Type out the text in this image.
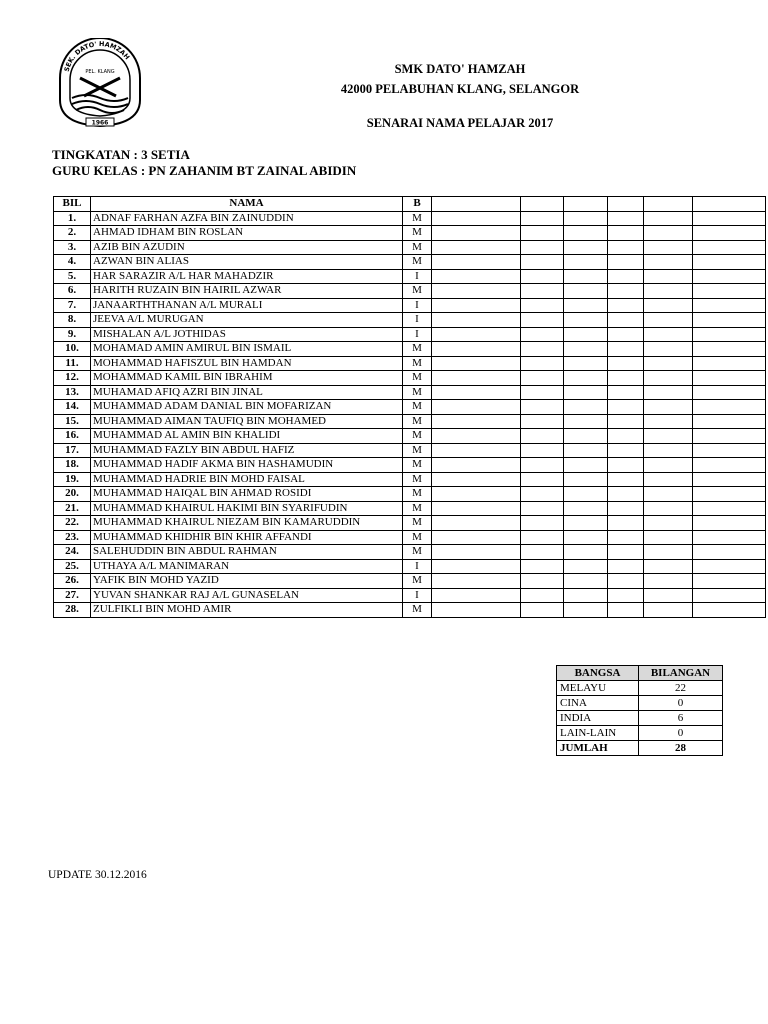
SEK. DATO' HAMZAH
PEL. KLANG
1966
SMK DATO' HAMZAH
42000 PELABUHAN KLANG, SELANGOR
SENARAI NAMA PELAJAR 2017
TINGKATAN : 3 SETIA
GURU KELAS : PN ZAHANIM BT ZAINAL ABIDIN
BIL	NAMA	B						
1.	ADNAF FARHAN AZFA BIN ZAINUDDIN	M						
2.	AHMAD IDHAM BIN ROSLAN	M						
3.	AZIB BIN AZUDIN	M						
4.	AZWAN BIN ALIAS	M						
5.	HAR SARAZIR A/L HAR MAHADZIR	I						
6.	HARITH RUZAIN BIN HAIRIL AZWAR	M						
7.	JANAARTHTHANAN A/L MURALI	I						
8.	JEEVA A/L MURUGAN	I						
9.	MISHALAN A/L JOTHIDAS	I						
10.	MOHAMAD AMIN AMIRUL BIN ISMAIL	M						
11.	MOHAMMAD HAFISZUL BIN HAMDAN	M						
12.	MOHAMMAD KAMIL BIN IBRAHIM	M						
13.	MUHAMAD AFIQ AZRI BIN JINAL	M						
14.	MUHAMMAD ADAM DANIAL BIN MOFARIZAN	M						
15.	MUHAMMAD AIMAN TAUFIQ BIN MOHAMED	M						
16.	MUHAMMAD AL AMIN BIN KHALIDI	M						
17.	MUHAMMAD FAZLY BIN ABDUL HAFIZ	M						
18.	MUHAMMAD HADIF AKMA BIN HASHAMUDIN	M						
19.	MUHAMMAD HADRIE BIN MOHD FAISAL	M						
20.	MUHAMMAD HAIQAL BIN AHMAD ROSIDI	M						
21.	MUHAMMAD KHAIRUL HAKIMI BIN SYARIFUDIN	M						
22.	MUHAMMAD KHAIRUL NIEZAM BIN KAMARUDDIN	M						
23.	MUHAMMAD KHIDHIR BIN KHIR AFFANDI	M						
24.	SALEHUDDIN BIN ABDUL RAHMAN	M						
25.	UTHAYA A/L MANIMARAN	I						
26.	YAFIK BIN MOHD YAZID	M						
27.	YUVAN SHANKAR RAJ A/L GUNASELAN	I						
28.	ZULFIKLI BIN MOHD AMIR	M						
BANGSA	BILANGAN
MELAYU	22
CINA	0
INDIA	6
LAIN-LAIN	0
JUMLAH	28
UPDATE 30.12.2016
